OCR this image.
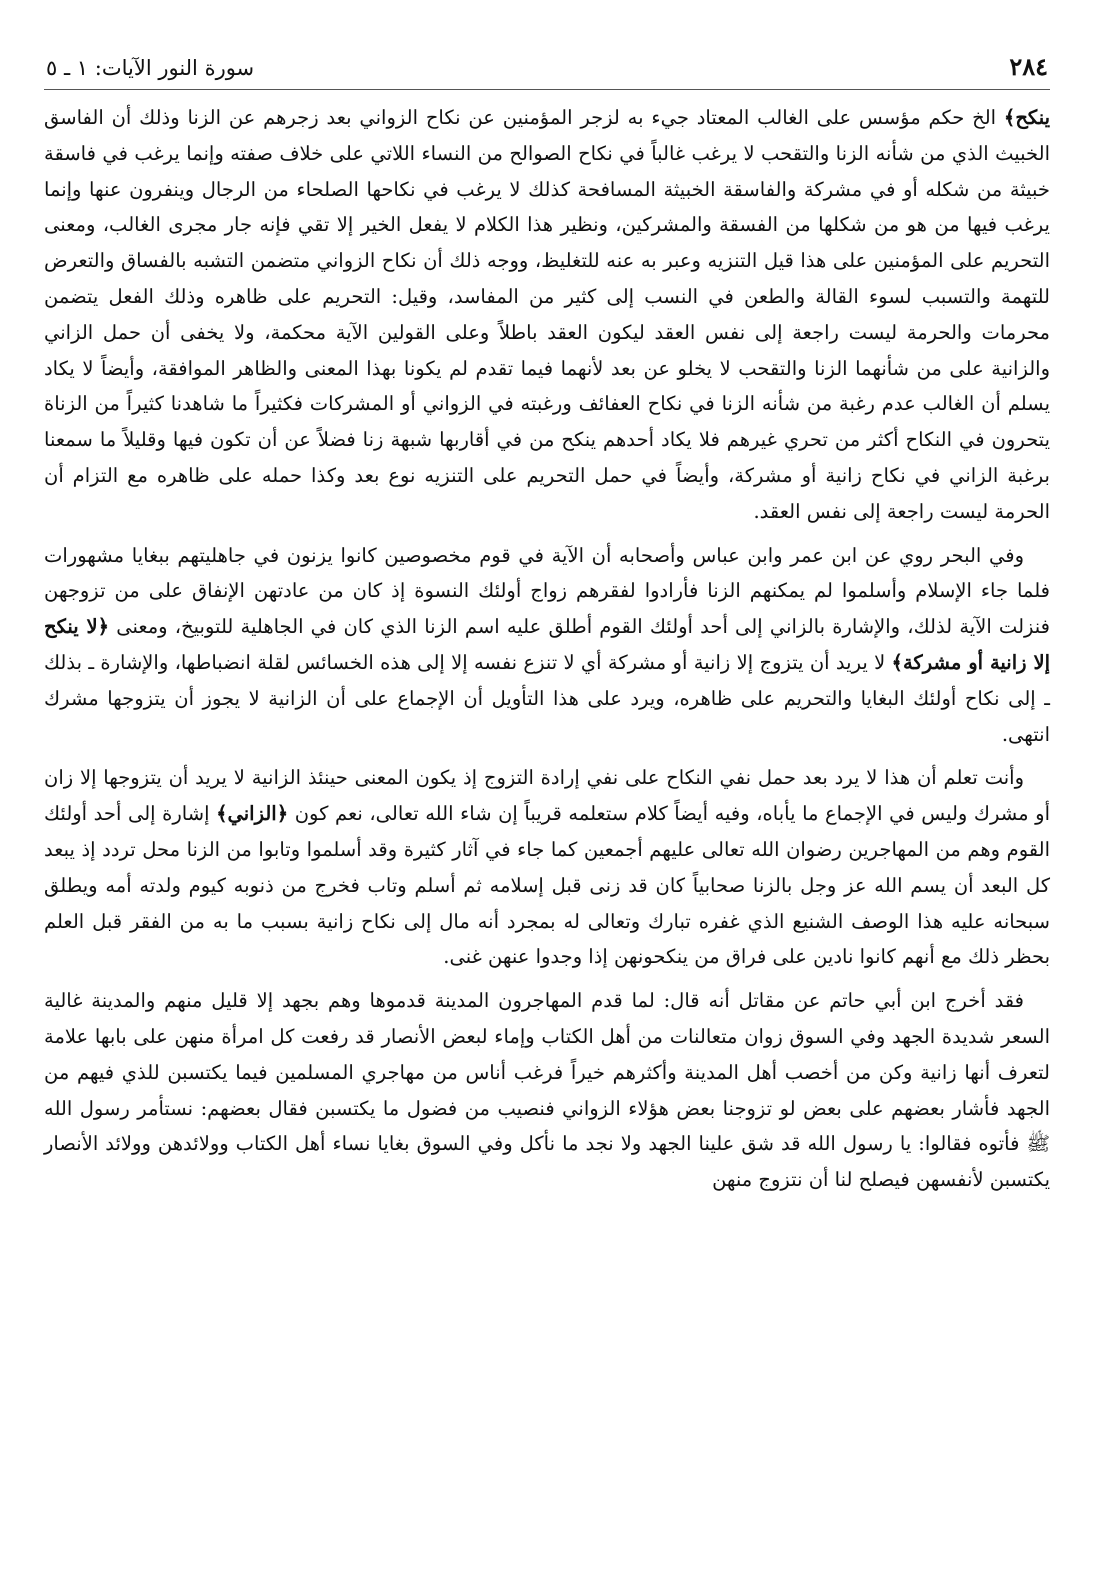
٢٨٤
سورة النور الآيات: ١ ـ ٥

ينكح﴾ الخ حكم مؤسس على الغالب المعتاد جيء به لزجر المؤمنين عن نكاح الزواني بعد زجرهم عن الزنا وذلك أن الفاسق الخبيث الذي من شأنه الزنا والتقحب لا يرغب غالباً في نكاح الصوالح من النساء اللاتي على خلاف صفته وإنما يرغب في فاسقة خبيثة من شكله أو في مشركة والفاسقة الخبيثة المسافحة كذلك لا يرغب في نكاحها الصلحاء من الرجال وينفرون عنها وإنما يرغب فيها من هو من شكلها من الفسقة والمشركين، ونظير هذا الكلام لا يفعل الخير إلا تقي فإنه جار مجرى الغالب، ومعنى التحريم على المؤمنين على هذا قيل التنزيه وعبر به عنه للتغليظ، ووجه ذلك أن نكاح الزواني متضمن التشبه بالفساق والتعرض للتهمة والتسبب لسوء القالة والطعن في النسب إلى كثير من المفاسد، وقيل: التحريم على ظاهره وذلك الفعل يتضمن محرمات والحرمة ليست راجعة إلى نفس العقد ليكون العقد باطلاً وعلى القولين الآية محكمة، ولا يخفى أن حمل الزاني والزانية على من شأنهما الزنا والتقحب لا يخلو عن بعد لأنهما فيما تقدم لم يكونا بهذا المعنى والظاهر الموافقة، وأيضاً لا يكاد يسلم أن الغالب عدم رغبة من شأنه الزنا في نكاح العفائف ورغبته في الزواني أو المشركات فكثيراً ما شاهدنا كثيراً من الزناة يتحرون في النكاح أكثر من تحري غيرهم فلا يكاد أحدهم ينكح من في أقاربها شبهة زنا فضلاً عن أن تكون فيها وقليلاً ما سمعنا برغبة الزاني في نكاح زانية أو مشركة، وأيضاً في حمل التحريم على التنزيه نوع بعد وكذا حمله على ظاهره مع التزام أن الحرمة ليست راجعة إلى نفس العقد.

وفي البحر روي عن ابن عمر وابن عباس وأصحابه أن الآية في قوم مخصوصين كانوا يزنون في جاهليتهم ببغايا مشهورات فلما جاء الإسلام وأسلموا لم يمكنهم الزنا فأرادوا لفقرهم زواج أولئك النسوة إذ كان من عادتهن الإنفاق على من تزوجهن فنزلت الآية لذلك، والإشارة بالزاني إلى أحد أولئك القوم أطلق عليه اسم الزنا الذي كان في الجاهلية للتوبيخ، ومعنى ﴿لا ينكح إلا زانية أو مشركة﴾ لا يريد أن يتزوج إلا زانية أو مشركة أي لا تنزع نفسه إلا إلى هذه الخسائس لقلة انضباطها، والإشارة ـ بذلك ـ إلى نكاح أولئك البغايا والتحريم على ظاهره، ويرد على هذا التأويل أن الإجماع على أن الزانية لا يجوز أن يتزوجها مشرك انتهى.

وأنت تعلم أن هذا لا يرد بعد حمل نفي النكاح على نفي إرادة التزوج إذ يكون المعنى حينئذ الزانية لا يريد أن يتزوجها إلا زان أو مشرك وليس في الإجماع ما يأباه، وفيه أيضاً كلام ستعلمه قريباً إن شاء الله تعالى، نعم كون ﴿الزاني﴾ إشارة إلى أحد أولئك القوم وهم من المهاجرين رضوان الله تعالى عليهم أجمعين كما جاء في آثار كثيرة وقد أسلموا وتابوا من الزنا محل تردد إذ يبعد كل البعد أن يسم الله عز وجل بالزنا صحابياً كان قد زنى قبل إسلامه ثم أسلم وتاب فخرج من ذنوبه كيوم ولدته أمه ويطلق سبحانه عليه هذا الوصف الشنيع الذي غفره تبارك وتعالى له بمجرد أنه مال إلى نكاح زانية بسبب ما به من الفقر قبل العلم بحظر ذلك مع أنهم كانوا نادين على فراق من ينكحونهن إذا وجدوا عنهن غنى.

فقد أخرج ابن أبي حاتم عن مقاتل أنه قال: لما قدم المهاجرون المدينة قدموها وهم بجهد إلا قليل منهم والمدينة غالية السعر شديدة الجهد وفي السوق زوان متعالنات من أهل الكتاب وإماء لبعض الأنصار قد رفعت كل امرأة منهن على بابها علامة لتعرف أنها زانية وكن من أخصب أهل المدينة وأكثرهم خيراً فرغب أناس من مهاجري المسلمين فيما يكتسبن للذي فيهم من الجهد فأشار بعضهم على بعض لو تزوجنا بعض هؤلاء الزواني فنصيب من فضول ما يكتسبن فقال بعضهم: نستأمر رسول الله ﷺ فأتوه فقالوا: يا رسول الله قد شق علينا الجهد ولا نجد ما نأكل وفي السوق بغايا نساء أهل الكتاب وولائدهن وولائد الأنصار يكتسبن لأنفسهن فيصلح لنا أن نتزوج منهن
